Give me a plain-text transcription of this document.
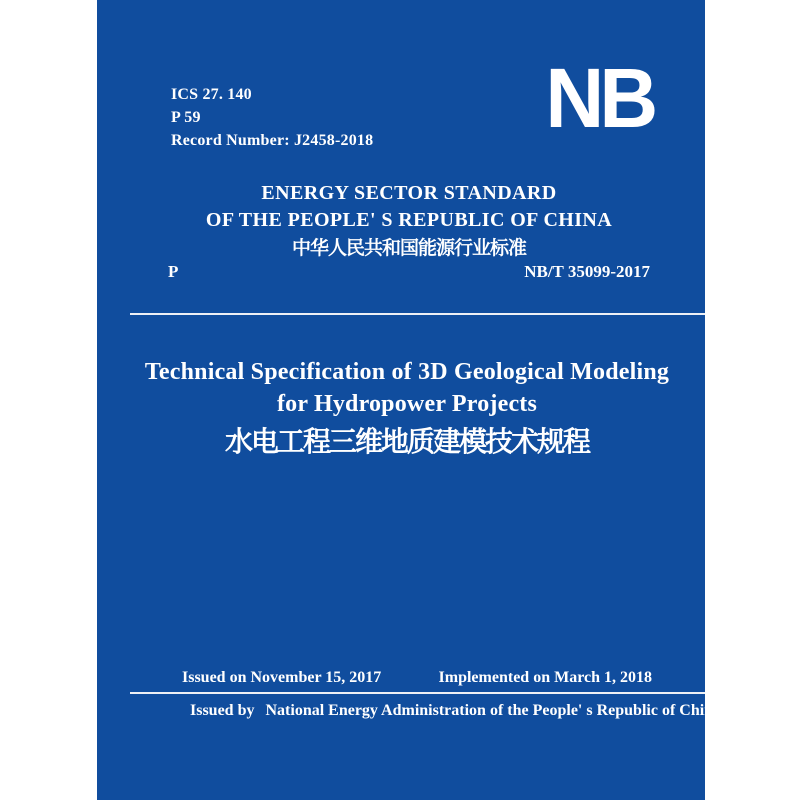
ICS 27. 140
P 59
Record Number: J2458-2018 NB
ENERGY SECTOR STANDARD
OF THE PEOPLE' S REPUBLIC OF CHINA
中华人民共和国能源行业标准
P	NB/T 35099-2017
Technical Specification of 3D Geological Modeling
for Hydropower Projects
水电工程三维地质建模技术规程
Issued on November 15, 2017	Implemented on March 1, 2018
Issued by National Energy Administration of the People' s Republic of China
